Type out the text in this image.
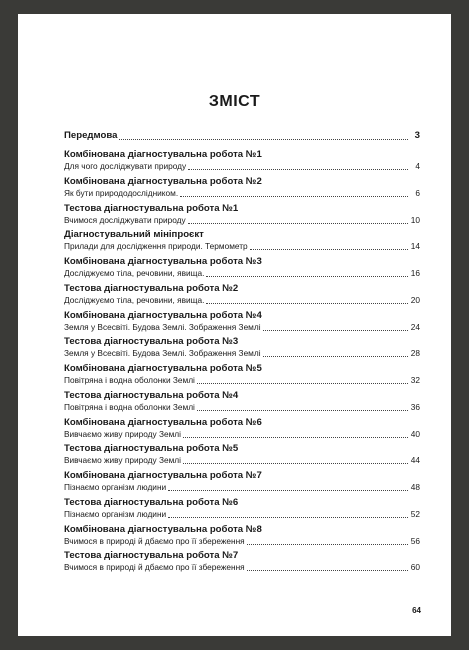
ЗМІСТ
Передмова	3
Комбінована діагностувальна робота №1
Для чого досліджувати природу	4
Комбінована діагностувальна робота №2
Як бути природодослідником.	6
Тестова діагностувальна робота №1
Вчимося досліджувати природу	10
Діагностувальний мініпроєкт
Прилади для дослідження природи. Термометр	14
Комбінована діагностувальна робота №3
Досліджуємо тіла, речовини, явища.	16
Тестова діагностувальна робота №2
Досліджуємо тіла, речовини, явища.	20
Комбінована діагностувальна робота №4
Земля у Всесвіті. Будова Землі. Зображення Землі	24
Тестова діагностувальна робота №3
Земля у Всесвіті. Будова Землі. Зображення Землі	28
Комбінована діагностувальна робота №5
Повітряна і водна оболонки Землі	32
Тестова діагностувальна робота №4
Повітряна і водна оболонки Землі	36
Комбінована діагностувальна робота №6
Вивчаємо живу природу Землі	40
Тестова діагностувальна робота №5
Вивчаємо живу природу Землі	44
Комбінована діагностувальна робота №7
Пізнаємо організм людини	48
Тестова діагностувальна робота №6
Пізнаємо організм людини	52
Комбінована діагностувальна робота №8
Вчимося в природі й дбаємо про її збереження	56
Тестова діагностувальна робота №7
Вчимося в природі й дбаємо про її збереження	60
64
